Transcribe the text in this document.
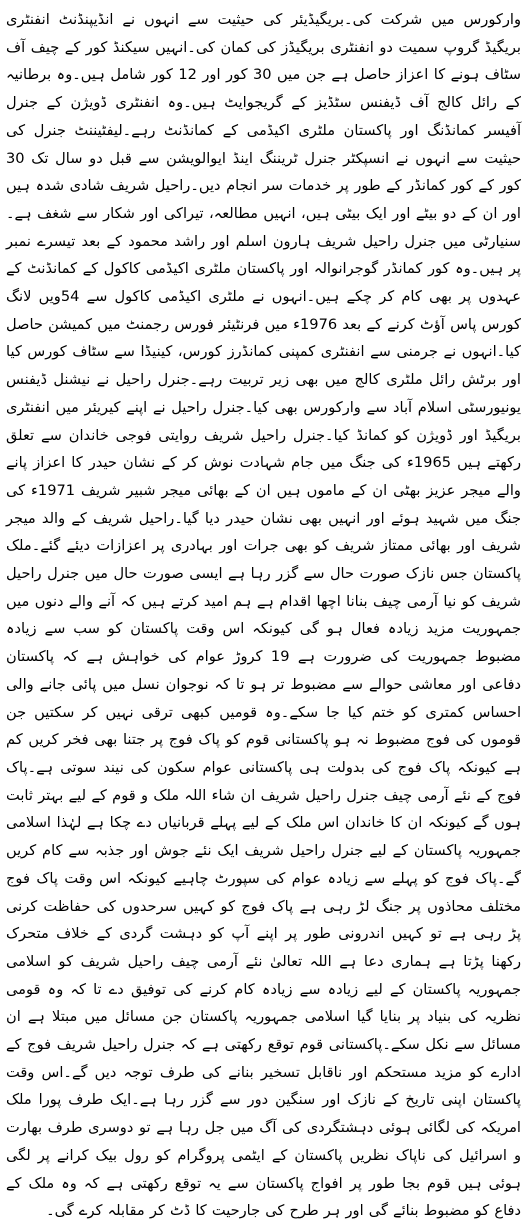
وارکورس میں شرکت کی۔بریگیڈیئر کی حیثیت سے انہوں نے انڈیپنڈنٹ انفنٹری بریگیڈ گروپ سمیت دو انفنٹری بریگیڈز کی کمان کی۔انہیں سیکنڈ کور کے چیف آف سٹاف ہونے کا اعزاز حاصل ہے جن میں 30 کور اور 12 کور شامل ہیں۔وہ برطانیہ کے رائل کالج آف ڈیفنس سٹڈیز کے گریجوایٹ ہیں۔وہ انفنٹری ڈویژن کے جنرل آفیسر کمانڈنگ اور پاکستان ملٹری اکیڈمی کے کمانڈنٹ رہے۔لیفٹیننٹ جنرل کی حیثیت سے انہوں نے انسپکٹر جنرل ٹریننگ اینڈ ایوالویشن سے قبل دو سال تک 30 کور کے کور کمانڈر کے طور پر خدمات سر انجام دیں۔راحیل شریف شادی شدہ ہیں اور ان کے دو بیٹے اور ایک بیٹی ہیں، انہیں مطالعہ، تیراکی اور شکار سے شغف ہے۔سنیارٹی میں جنرل راحیل شریف ہارون اسلم اور راشد محمود کے بعد تیسرے نمبر پر ہیں۔وہ کور کمانڈر گوجرانوالہ اور پاکستان ملٹری اکیڈمی کاکول کے کمانڈنٹ کے عہدوں پر بھی کام کر چکے ہیں۔انہوں نے ملٹری اکیڈمی کاکول سے 54ویں لانگ کورس پاس آؤٹ کرنے کے بعد 1976ء میں فرنٹیئر فورس رجمنٹ میں کمیشن حاصل کیا۔انہوں نے جرمنی سے انفنٹری کمپنی کمانڈرز کورس، کینیڈا سے سٹاف کورس کیا اور برٹش رائل ملٹری کالج میں بھی زیر تربیت رہے۔جنرل راحیل نے نیشنل ڈیفنس یونیورسٹی اسلام آباد سے وارکورس بھی کیا۔جنرل راحیل نے اپنے کیریئر میں انفنٹری بریگیڈ اور ڈویژن کو کمانڈ کیا۔جنرل راحیل شریف روایتی فوجی خاندان سے تعلق رکھتے ہیں 1965ء کی جنگ میں جام شہادت نوش کر کے نشان حیدر کا اعزاز پانے والے میجر عزیز بھٹی ان کے ماموں ہیں ان کے بھائی میجر شبیر شریف 1971ء کی جنگ میں شہید ہوئے اور انہیں بھی نشان حیدر دیا گیا۔راحیل شریف کے والد میجر شریف اور بھائی ممتاز شریف کو بھی جرات اور بہادری پر اعزازات دیئے گئے۔ملک پاکستان جس نازک صورت حال سے گزر رہا ہے ایسی صورت حال میں جنرل راحیل شریف کو نیا آرمی چیف بنانا اچھا اقدام ہے ہم امید کرتے ہیں کہ آنے والے دنوں میں جمہوریت مزید زیادہ فعال ہو گی کیونکہ اس وقت پاکستان کو سب سے زیادہ مضبوط جمہوریت کی ضرورت ہے 19 کروڑ عوام کی خواہش ہے کہ پاکستان دفاعی اور معاشی حوالے سے مضبوط تر ہو تا کہ نوجوان نسل میں پائی جانے والی احساس کمتری کو ختم کیا جا سکے۔وہ قومیں کبھی ترقی نہیں کر سکتیں جن قوموں کی فوج مضبوط نہ ہو پاکستانی قوم کو پاک فوج پر جتنا بھی فخر کریں کم ہے کیونکہ پاک فوج کی بدولت ہی پاکستانی عوام سکون کی نیند سوتی ہے۔پاک فوج کے نئے آرمی چیف جنرل راحیل شریف ان شاء اللہ ملک و قوم کے لیے بہتر ثابت ہوں گے کیونکہ ان کا خاندان اس ملک کے لیے پہلے قربانیاں دے چکا ہے لہٰذا اسلامی جمہوریہ پاکستان کے لیے جنرل راحیل شریف ایک نئے جوش اور جذبہ سے کام کریں گے۔پاک فوج کو پہلے سے زیادہ عوام کی سپورٹ چاہیے کیونکہ اس وقت پاک فوج مختلف محاذوں پر جنگ لڑ رہی ہے پاک فوج کو کہیں سرحدوں کی حفاظت کرنی پڑ رہی ہے تو کہیں اندرونی طور پر اپنے آپ کو دہشت گردی کے خلاف متحرک رکھنا پڑتا ہے ہماری دعا ہے اللہ تعالیٰ نئے آرمی چیف راحیل شریف کو اسلامی جمہوریہ پاکستان کے لیے زیادہ سے زیادہ کام کرنے کی توفیق دے تا کہ وہ قومی نظریہ کی بنیاد پر بنایا گیا اسلامی جمہوریہ پاکستان جن مسائل میں مبتلا ہے ان مسائل سے نکل سکے۔پاکستانی قوم توقع رکھتی ہے کہ جنرل راحیل شریف فوج کے ادارے کو مزید مستحکم اور ناقابل تسخیر بنانے کی طرف توجہ دیں گے۔اس وقت پاکستان اپنی تاریخ کے نازک اور سنگین دور سے گزر رہا ہے۔ایک طرف پورا ملک امریکہ کی لگائی ہوئی دہشتگردی کی آگ میں جل رہا ہے تو دوسری طرف بھارت و اسرائیل کی ناپاک نظریں پاکستان کے ایٹمی پروگرام کو رول بیک کرانے پر لگی ہوئی ہیں قوم بجا طور پر افواج پاکستان سے یہ توقع رکھتی ہے کہ وہ ملک کے دفاع کو مضبوط بنائے گی اور ہر طرح کی جارحیت کا ڈٹ کر مقابلہ کرے گی۔
